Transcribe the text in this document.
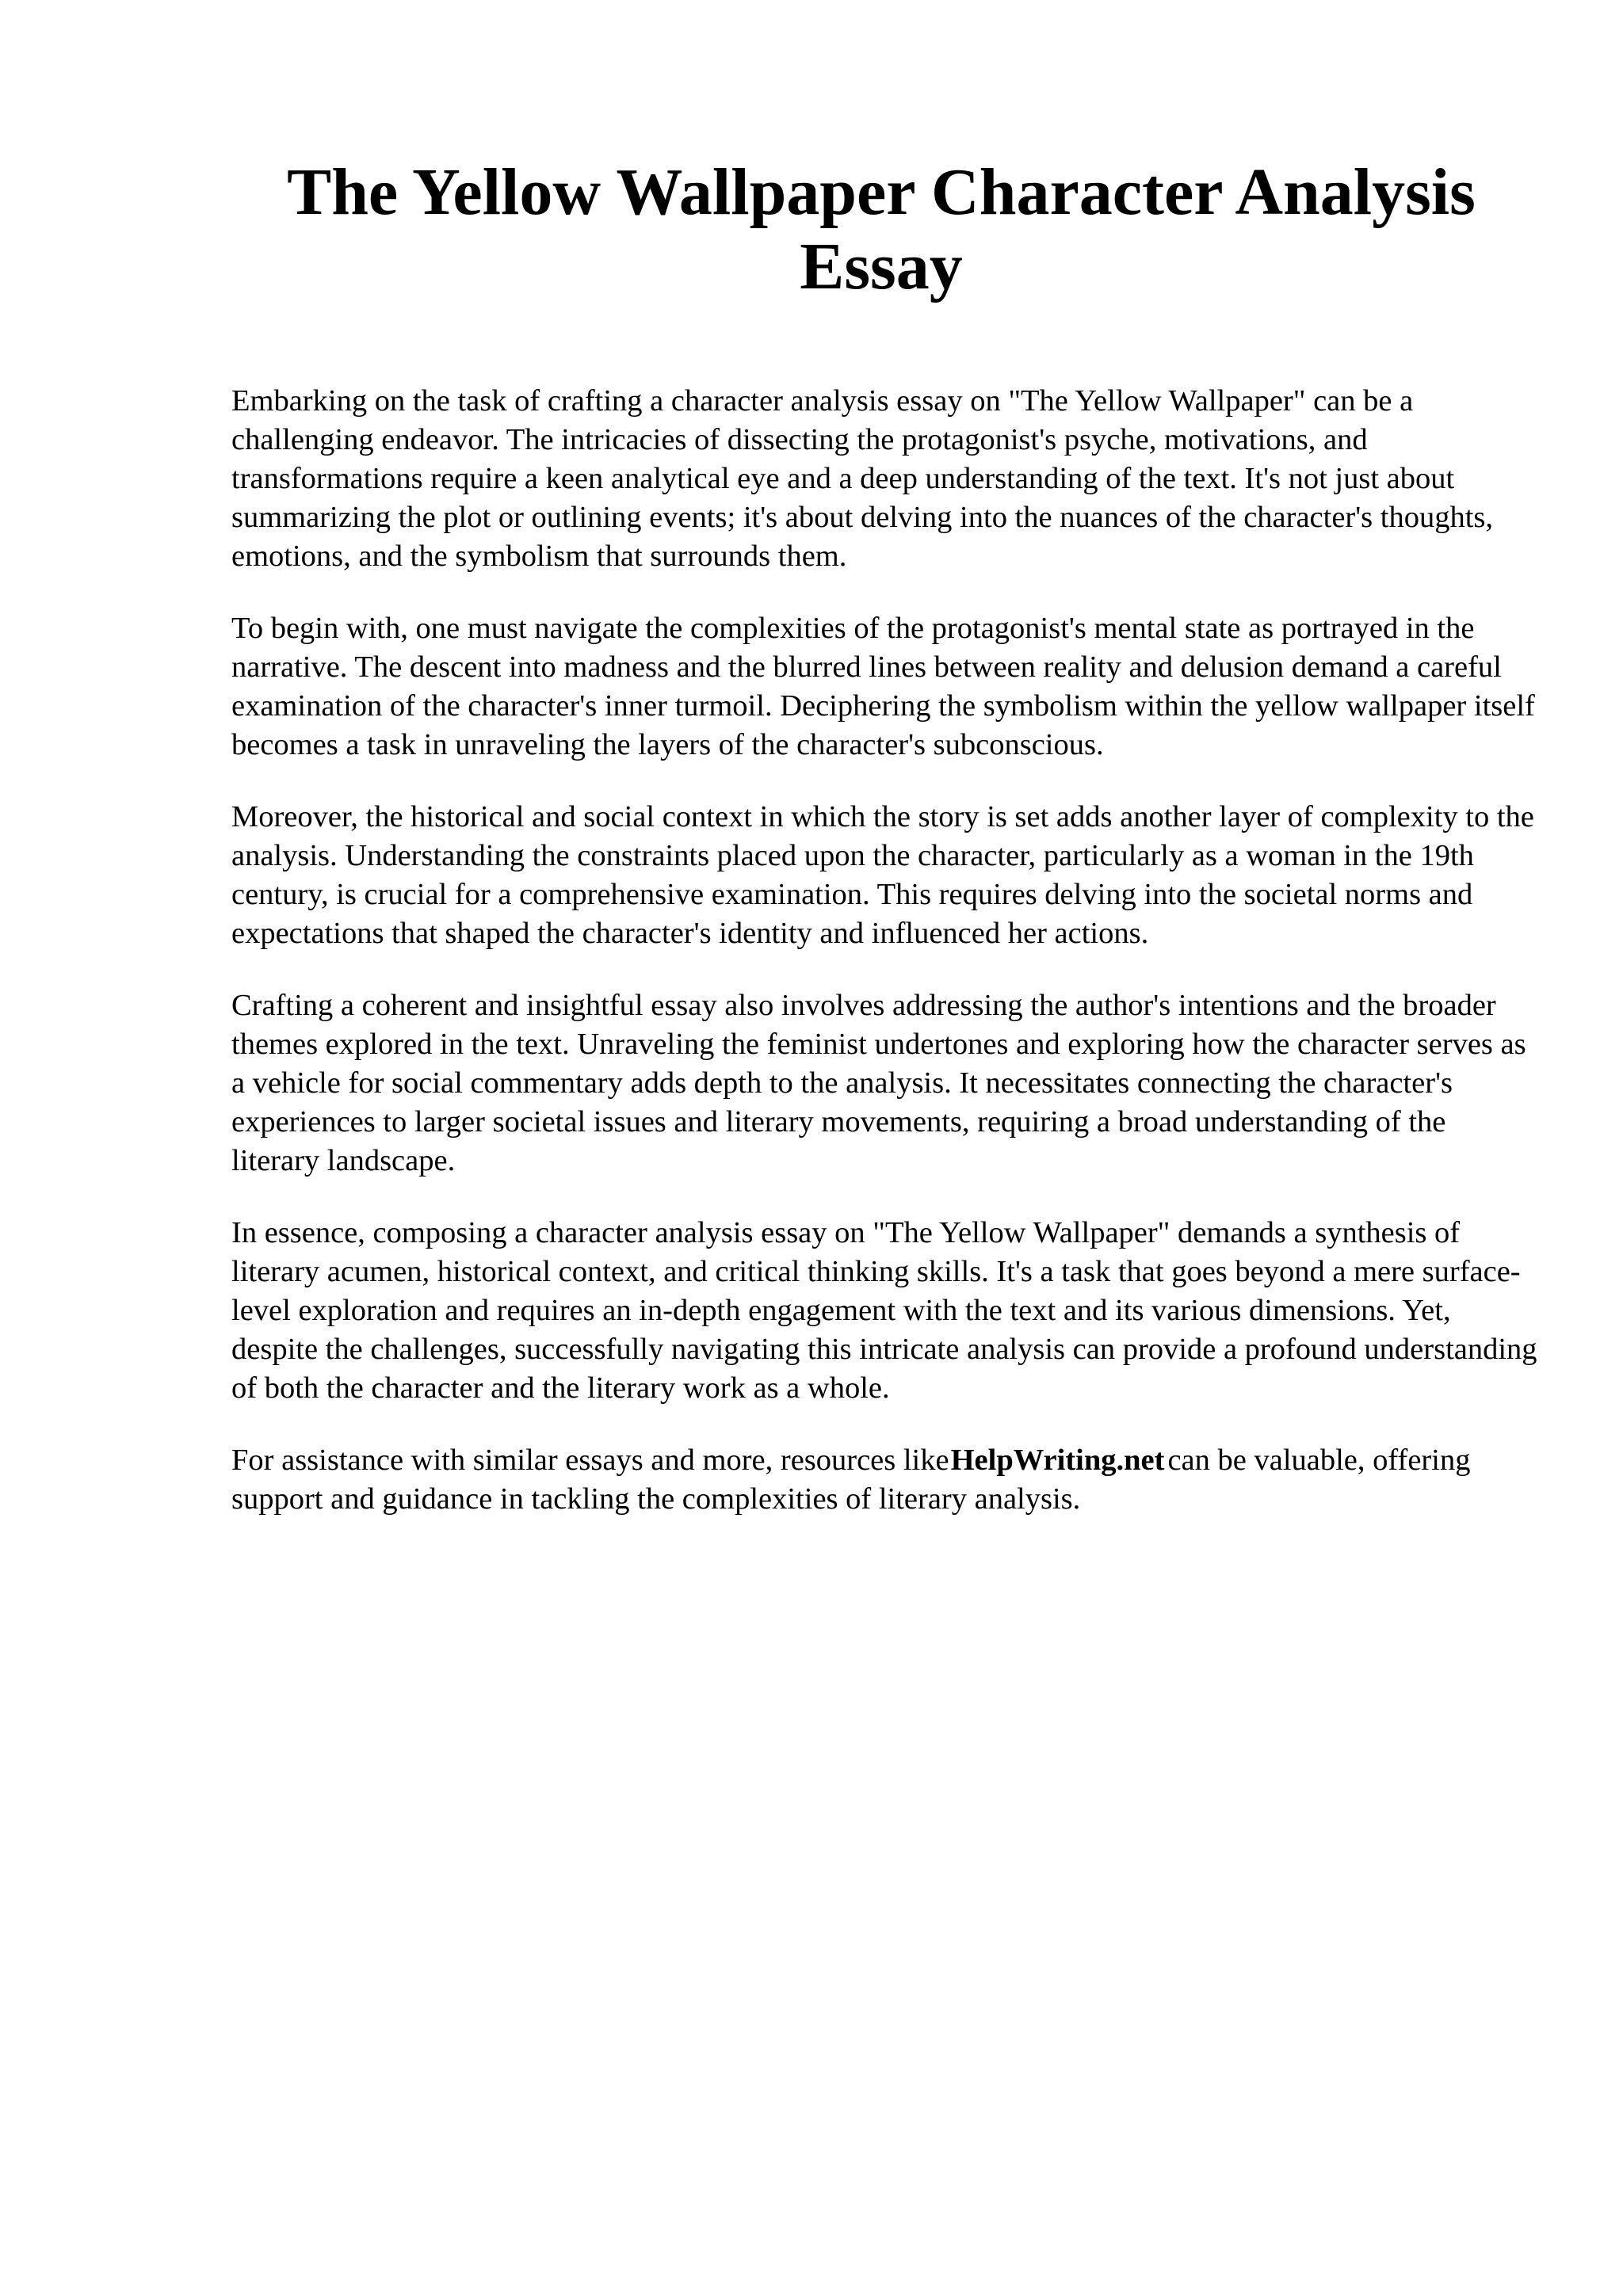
The Yellow Wallpaper Character Analysis Essay

Embarking on the task of crafting a character analysis essay on "The Yellow Wallpaper" can be a challenging endeavor. The intricacies of dissecting the protagonist's psyche, motivations, and transformations require a keen analytical eye and a deep understanding of the text. It's not just about summarizing the plot or outlining events; it's about delving into the nuances of the character's thoughts, emotions, and the symbolism that surrounds them.

To begin with, one must navigate the complexities of the protagonist's mental state as portrayed in the narrative. The descent into madness and the blurred lines between reality and delusion demand a careful examination of the character's inner turmoil. Deciphering the symbolism within the yellow wallpaper itself becomes a task in unraveling the layers of the character's subconscious.

Moreover, the historical and social context in which the story is set adds another layer of complexity to the analysis. Understanding the constraints placed upon the character, particularly as a woman in the 19th century, is crucial for a comprehensive examination. This requires delving into the societal norms and expectations that shaped the character's identity and influenced her actions.

Crafting a coherent and insightful essay also involves addressing the author's intentions and the broader themes explored in the text. Unraveling the feminist undertones and exploring how the character serves as a vehicle for social commentary adds depth to the analysis. It necessitates connecting the character's experiences to larger societal issues and literary movements, requiring a broad understanding of the literary landscape.

In essence, composing a character analysis essay on "The Yellow Wallpaper" demands a synthesis of literary acumen, historical context, and critical thinking skills. It's a task that goes beyond a mere surface-level exploration and requires an in-depth engagement with the text and its various dimensions. Yet, despite the challenges, successfully navigating this intricate analysis can provide a profound understanding of both the character and the literary work as a whole.

For assistance with similar essays and more, resources likeHelpWriting.net can be valuable, offering support and guidance in tackling the complexities of literary analysis.
